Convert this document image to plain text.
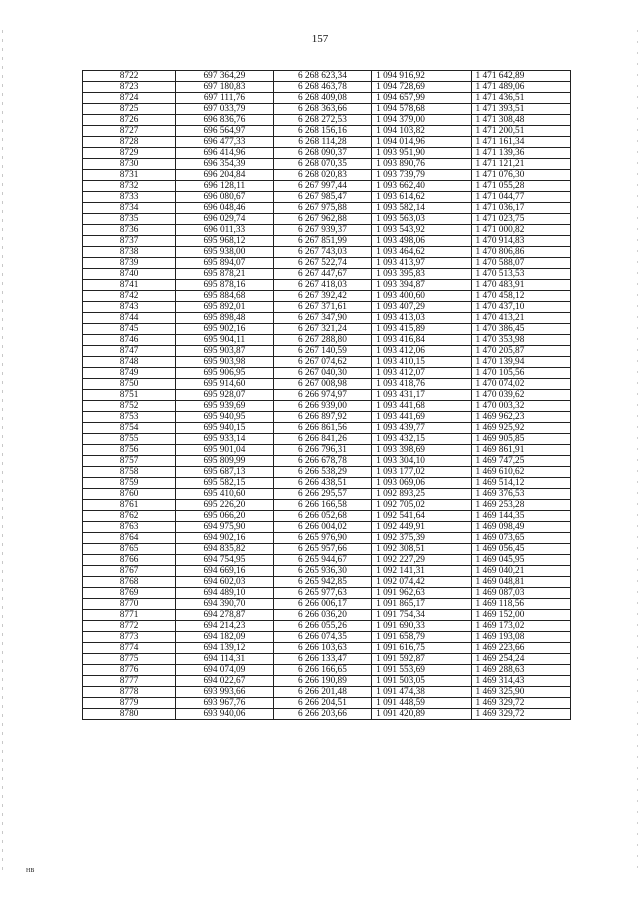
157
8722	697 364,29	6 268 623,34	1 094 916,92	1 471 642,89
8723	697 180,83	6 268 463,78	1 094 728,69	1 471 489,06
8724	697 111,76	6 268 409,08	1 094 657,99	1 471 436,51
8725	697 033,79	6 268 363,66	1 094 578,68	1 471 393,51
8726	696 836,76	6 268 272,53	1 094 379,00	1 471 308,48
8727	696 564,97	6 268 156,16	1 094 103,82	1 471 200,51
8728	696 477,33	6 268 114,28	1 094 014,96	1 471 161,34
8729	696 414,96	6 268 090,37	1 093 951,90	1 471 139,36
8730	696 354,39	6 268 070,35	1 093 890,76	1 471 121,21
8731	696 204,84	6 268 020,83	1 093 739,79	1 471 076,30
8732	696 128,11	6 267 997,44	1 093 662,40	1 471 055,28
8733	696 080,67	6 267 985,47	1 093 614,62	1 471 044,77
8734	696 048,46	6 267 975,88	1 093 582,14	1 471 036,17
8735	696 029,74	6 267 962,88	1 093 563,03	1 471 023,75
8736	696 011,33	6 267 939,37	1 093 543,92	1 471 000,82
8737	695 968,12	6 267 851,99	1 093 498,06	1 470 914,83
8738	695 938,00	6 267 743,03	1 093 464,62	1 470 806,86
8739	695 894,07	6 267 522,74	1 093 413,97	1 470 588,07
8740	695 878,21	6 267 447,67	1 093 395,83	1 470 513,53
8741	695 878,16	6 267 418,03	1 093 394,87	1 470 483,91
8742	695 884,68	6 267 392,42	1 093 400,60	1 470 458,12
8743	695 892,01	6 267 371,61	1 093 407,29	1 470 437,10
8744	695 898,48	6 267 347,90	1 093 413,03	1 470 413,21
8745	695 902,16	6 267 321,24	1 093 415,89	1 470 386,45
8746	695 904,11	6 267 288,80	1 093 416,84	1 470 353,98
8747	695 903,87	6 267 140,59	1 093 412,06	1 470 205,87
8748	695 903,98	6 267 074,62	1 093 410,15	1 470 139,94
8749	695 906,95	6 267 040,30	1 093 412,07	1 470 105,56
8750	695 914,60	6 267 008,98	1 093 418,76	1 470 074,02
8751	695 928,07	6 266 974,97	1 093 431,17	1 470 039,62
8752	695 939,69	6 266 939,00	1 093 441,68	1 470 003,32
8753	695 940,95	6 266 897,92	1 093 441,69	1 469 962,23
8754	695 940,15	6 266 861,56	1 093 439,77	1 469 925,92
8755	695 933,14	6 266 841,26	1 093 432,15	1 469 905,85
8756	695 901,04	6 266 796,31	1 093 398,69	1 469 861,91
8757	695 809,99	6 266 678,78	1 093 304,10	1 469 747,25
8758	695 687,13	6 266 538,29	1 093 177,02	1 469 610,62
8759	695 582,15	6 266 438,51	1 093 069,06	1 469 514,12
8760	695 410,60	6 266 295,57	1 092 893,25	1 469 376,53
8761	695 226,20	6 266 166,58	1 092 705,02	1 469 253,28
8762	695 066,20	6 266 052,68	1 092 541,64	1 469 144,35
8763	694 975,90	6 266 004,02	1 092 449,91	1 469 098,49
8764	694 902,16	6 265 976,90	1 092 375,39	1 469 073,65
8765	694 835,82	6 265 957,66	1 092 308,51	1 469 056,45
8766	694 754,95	6 265 944,67	1 092 227,29	1 469 045,95
8767	694 669,16	6 265 936,30	1 092 141,31	1 469 040,21
8768	694 602,03	6 265 942,85	1 092 074,42	1 469 048,81
8769	694 489,10	6 265 977,63	1 091 962,63	1 469 087,03
8770	694 390,70	6 266 006,17	1 091 865,17	1 469 118,56
8771	694 278,87	6 266 036,20	1 091 754,34	1 469 152,00
8772	694 214,23	6 266 055,26	1 091 690,33	1 469 173,02
8773	694 182,09	6 266 074,35	1 091 658,79	1 469 193,08
8774	694 139,12	6 266 103,63	1 091 616,75	1 469 223,66
8775	694 114,31	6 266 133,47	1 091 592,87	1 469 254,24
8776	694 074,09	6 266 166,65	1 091 553,69	1 469 288,63
8777	694 022,67	6 266 190,89	1 091 503,05	1 469 314,43
8778	693 993,66	6 266 201,48	1 091 474,38	1 469 325,90
8779	693 967,76	6 266 204,51	1 091 448,59	1 469 329,72
8780	693 940,06	6 266 203,66	1 091 420,89	1 469 329,72
HB
